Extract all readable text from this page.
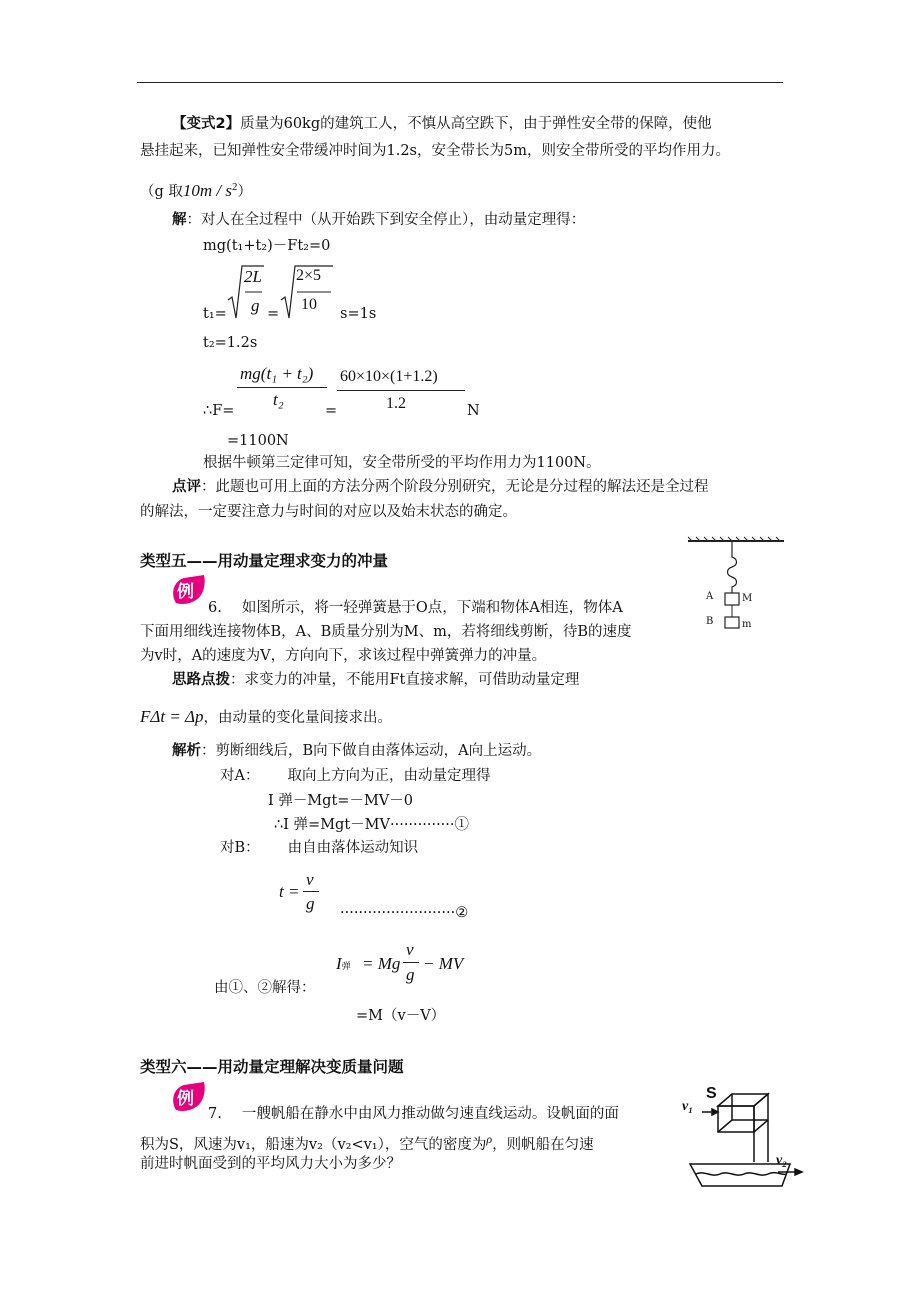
【变式2】质量为60kg的建筑工人，不慎从高空跌下，由于弹性安全带的保障，使他
悬挂起来，已知弹性安全带缓冲时间为1.2s，安全带长为5m，则安全带所受的平均作用力。
（g 取$10m / s^2$）
解：对人在全过程中（从开始跌下到安全停止），由动量定理得：
mg(t₁+t₂)－Ft₂=0
t₁=
2L
g =
2×5
10
s=1s
t₂=1.2s
∴F=
mg(t₁ + t₂)
t₂
=
60×10×(1+1.2)
1.2	N
=1100N
根据牛顿第三定律可知，安全带所受的平均作用力为1100N。
点评：此题也可用上面的方法分两个阶段分别研究，无论是分过程的解法还是全过程
的解法，一定要注意力与时间的对应以及始末状态的确定。
类型五——用动量定理求变力的冲量
A	M
B	m
例
6. 如图所示，将一轻弹簧悬于O点，下端和物体A相连，物体A
下面用细线连接物体B，A、B质量分别为M、m，若将细线剪断，待B的速度
为v时，A的速度为V，方向向下，求该过程中弹簧弹力的冲量。
思路点拨：求变力的冲量，不能用Ft直接求解，可借助动量定理
FΔt = Δp，由动量的变化量间接求出。
解析：剪断细线后，B向下做自由落体运动，A向上运动。
对A： 取向上方向为正，由动量定理得
I 弹－Mgt=－MV－0
∴I 弹=Mgt－MV··············①
对B： 由自由落体运动知识
t =
v
g ·························②
I弹 = Mg
v
g
− MV
由①、②解得：
=M（v－V）
类型六——用动量定理解决变质量问题
例
7. 一艘帆船在静水中由风力推动做匀速直线运动。设帆面的面
积为S，风速为v₁，船速为v₂（v₂<v₁），空气的密度为$^\rho$，则帆船在匀速
前进时帆面受到的平均风力大小为多少？
S
v₁
v₂
